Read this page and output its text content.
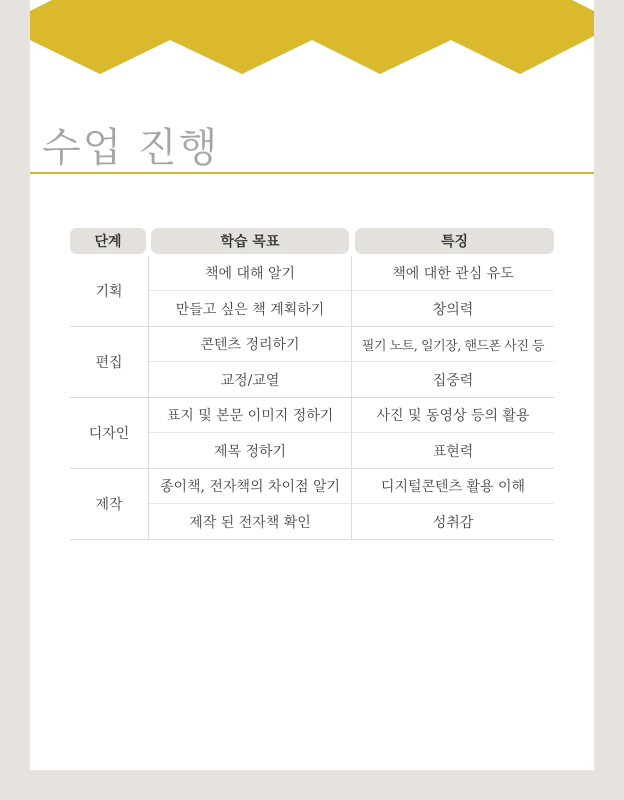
수업 진행
단계	학습 목표	특징
기획
책에 대해 알기	책에 대한 관심 유도
만들고 싶은 책 계획하기	창의력
편집
콘텐츠 정리하기	필기 노트, 일기장, 핸드폰 사진 등
교정/교열	집중력
디자인
표지 및 본문 이미지 정하기	사진 및 동영상 등의 활용
제목 정하기	표현력
제작
종이책, 전자책의 차이점 알기	디지털콘텐츠 활용 이해
제작 된 전자책 확인	성취감
